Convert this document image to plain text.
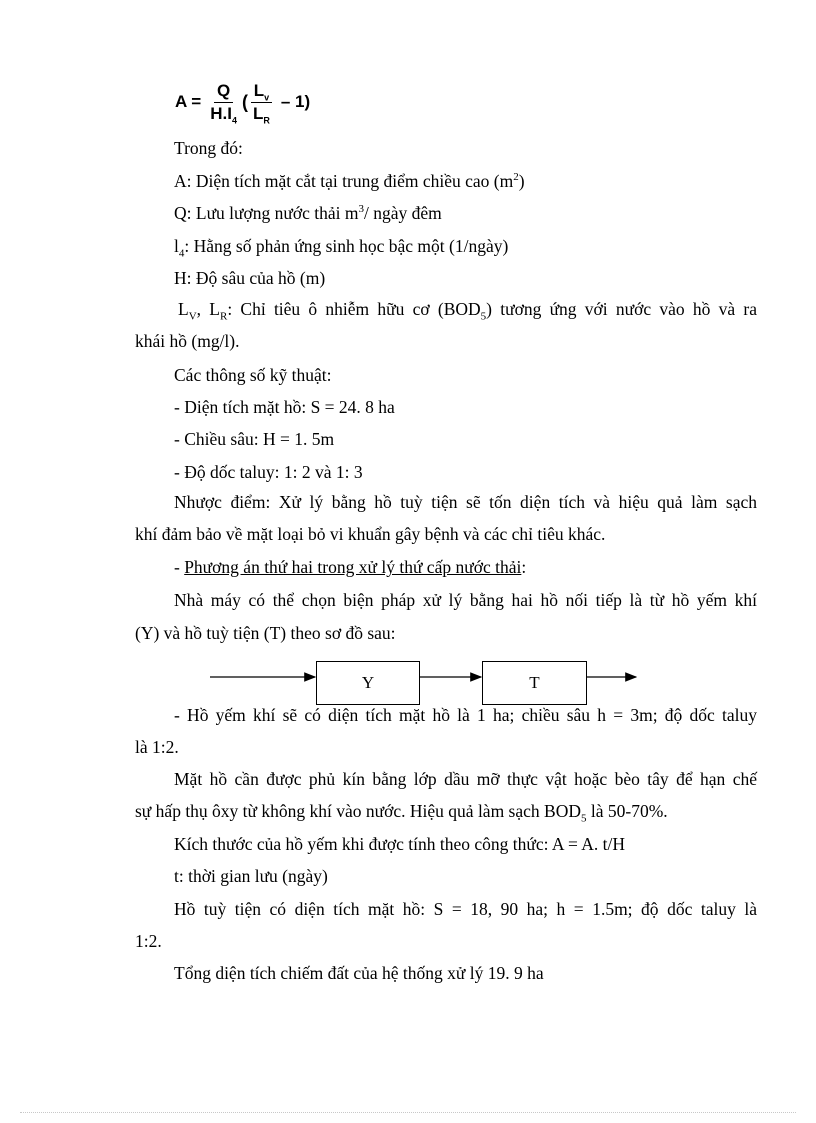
$A = \frac{Q}{H.I_4}$ ( $\frac{L_v}{L_R} - 1$)
Trong đó:
A: Diện tích mặt cắt tại trung điểm chiều cao $(m^2)$
Q: Lưu lượng nước thải $m^3/$ ngày đêm
$l_4$: Hằng số phản ứng sinh học bậc một (1/ngày)
H: Độ sâu của hồ (m)
$L_V$, $L_R$: Chỉ tiêu ô nhiễm hữu cơ $(BOD_5)$ tương ứng với nước vào hồ và ra
khái hồ (mg/l).
Các thông số kỹ thuật:
- Diện tích mặt hồ: S = 24. 8 ha
- Chiều sâu: H = 1. 5m
- Độ dốc taluy: 1: 2 và 1: 3
Nhược điểm: Xử lý bằng hồ tuỳ tiện sẽ tốn diện tích và hiệu quả làm sạch
khí đảm bảo về mặt loại bỏ vi khuẩn gây bệnh và các chỉ tiêu khác.
- Phương án thứ hai trong xử lý thứ cấp nước thải:
Nhà máy có thể chọn biện pháp xử lý bằng hai hồ nối tiếp là từ hồ yếm khí
(Y) và hồ tuỳ tiện (T) theo sơ đồ sau:
Y	T
- Hồ yếm khí sẽ có diện tích mặt hồ là 1 ha; chiều sâu h = 3m; độ dốc taluy
là 1:2.
Mặt hồ cần được phủ kín bằng lớp dầu mỡ thực vật hoặc bèo tây để hạn chế
sự hấp thụ ôxy từ không khí vào nước. Hiệu quả làm sạch $BOD_5$ là 50-70%.
Kích thước của hồ yếm khi được tính theo công thức: A = A. t/H
t: thời gian lưu (ngày)
Hồ tuỳ tiện có diện tích mặt hồ: S = 18, 90 ha; h = 1.5m; độ dốc taluy là
1:2.
Tổng diện tích chiếm đất của hệ thống xử lý 19. 9 ha
